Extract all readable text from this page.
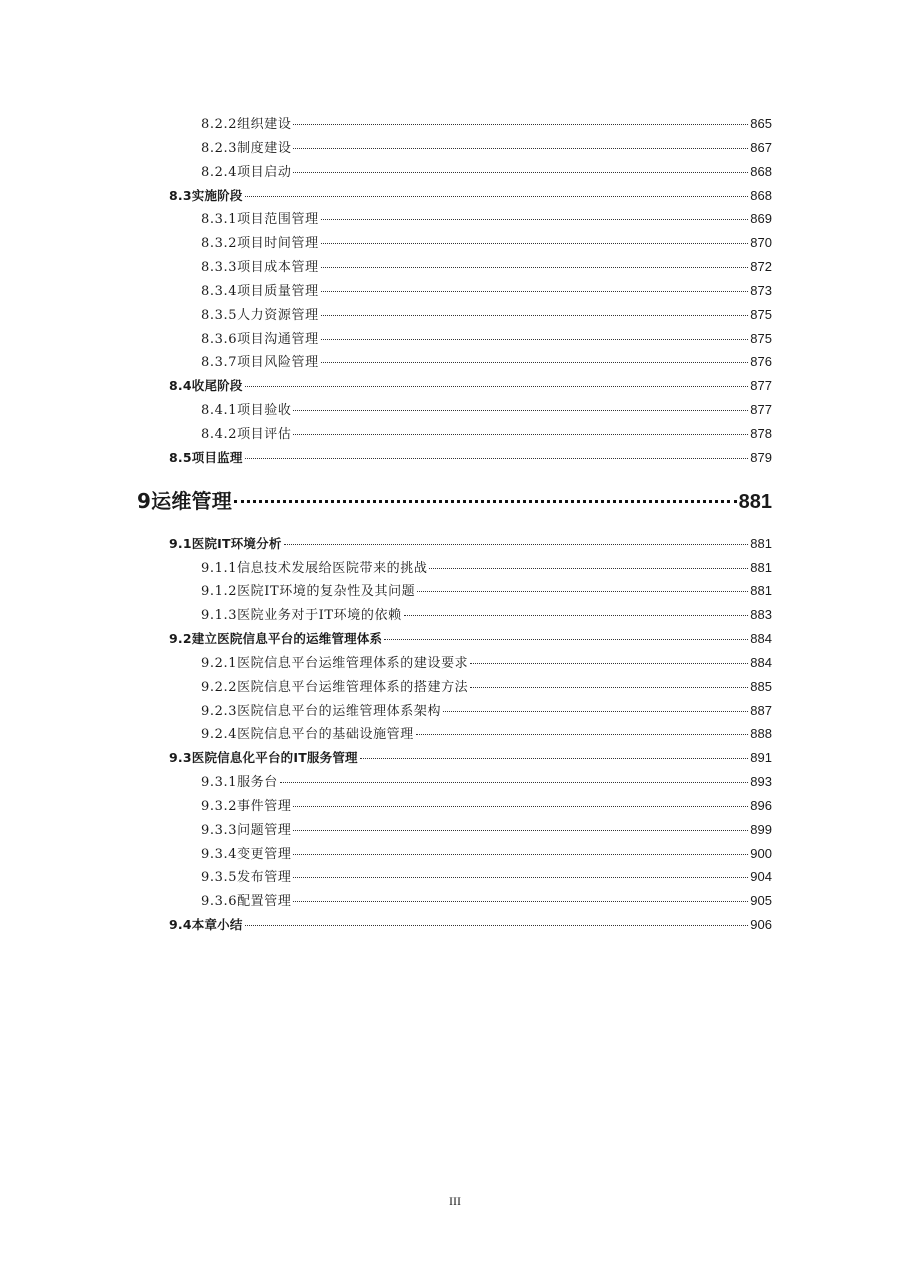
8.2.2组织建设	865
8.2.3制度建设	867
8.2.4项目启动	868
8.3实施阶段	868
8.3.1项目范围管理	869
8.3.2项目时间管理	870
8.3.3项目成本管理	872
8.3.4项目质量管理	873
8.3.5人力资源管理	875
8.3.6项目沟通管理	875
8.3.7项目风险管理	876
8.4收尾阶段	877
8.4.1项目验收	877
8.4.2项目评估	878
8.5项目监理	879
9运维管理	881
9.1医院IT环境分析	881
9.1.1信息技术发展给医院带来的挑战	881
9.1.2医院IT环境的复杂性及其问题	881
9.1.3医院业务对于IT环境的依赖	883
9.2建立医院信息平台的运维管理体系	884
9.2.1医院信息平台运维管理体系的建设要求	884
9.2.2医院信息平台运维管理体系的搭建方法	885
9.2.3医院信息平台的运维管理体系架构	887
9.2.4医院信息平台的基础设施管理	888
9.3医院信息化平台的IT服务管理	891
9.3.1服务台	893
9.3.2事件管理	896
9.3.3问题管理	899
9.3.4变更管理	900
9.3.5发布管理	904
9.3.6配置管理	905
9.4本章小结	906
III
